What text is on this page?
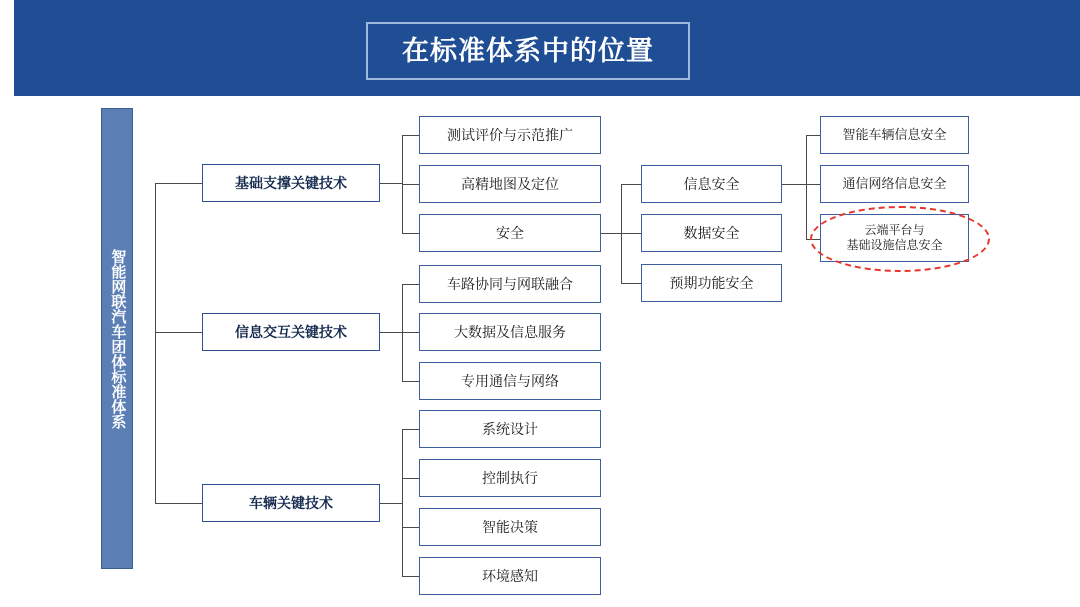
在标准体系中的位置
智能网联汽车团体标准体系
基础支撑关键技术
信息交互关键技术
车辆关键技术
测试评价与示范推广
高精地图及定位
安全
信息安全
数据安全
预期功能安全
智能车辆信息安全
通信网络信息安全
云端平台与
基础设施信息安全
车路协同与网联融合
大数据及信息服务
专用通信与网络
系统设计
控制执行
智能决策
环境感知
